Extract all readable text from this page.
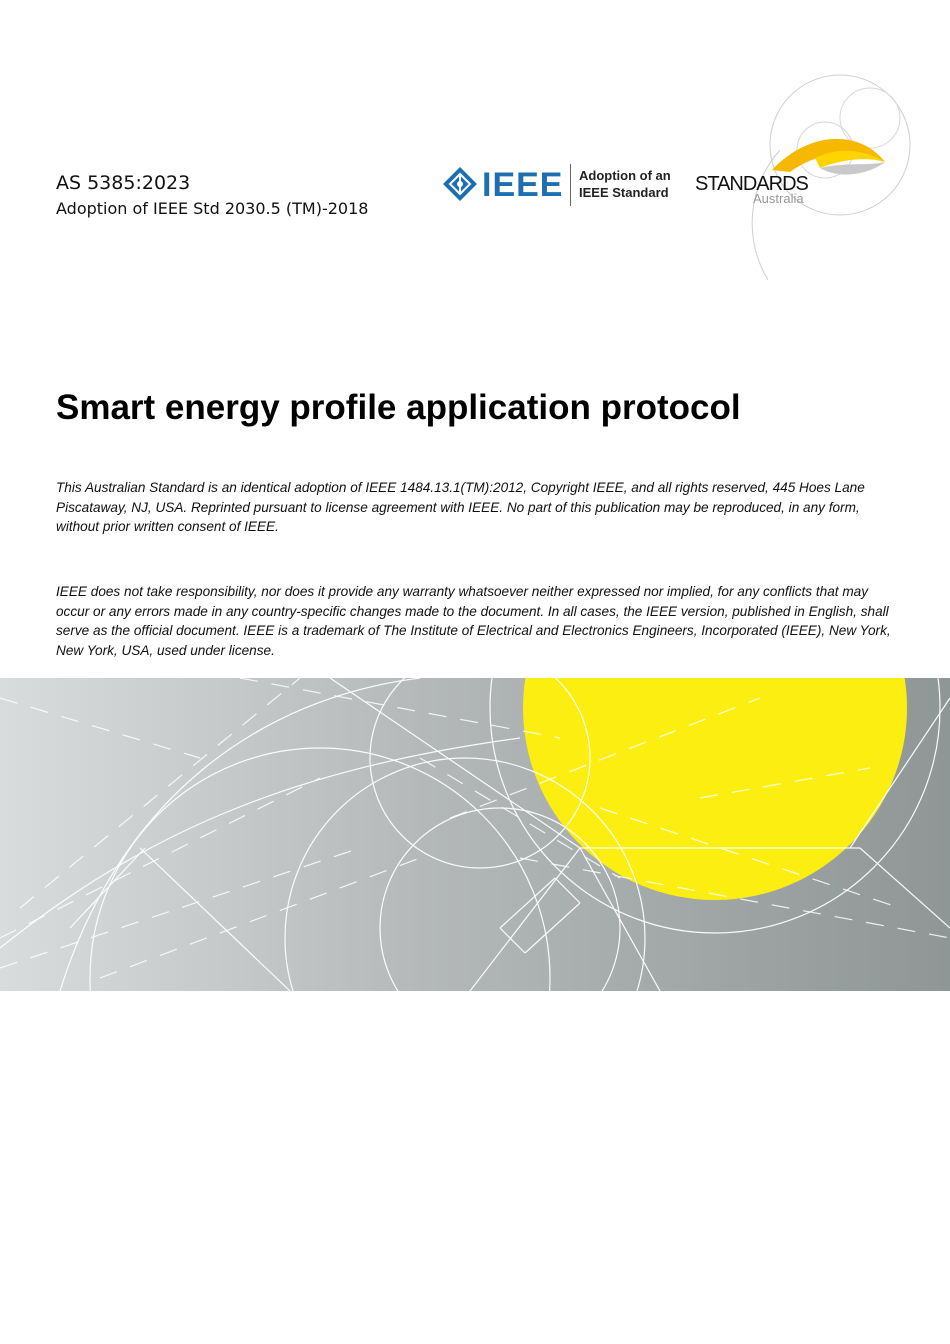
AS 5385:2023
Adoption of IEEE Std 2030.5 (TM)-2018
IEEE Adoption of an
IEEE Standard STANDARDS
Australia
Smart energy profile application protocol
This Australian Standard is an identical adoption of IEEE 1484.13.1(TM):2012, Copyright IEEE, and all rights reserved, 445 Hoes Lane Piscataway, NJ, USA. Reprinted pursuant to license agreement with IEEE. No part of this publication may be reproduced, in any form, without prior written consent of IEEE.
IEEE does not take responsibility, nor does it provide any warranty whatsoever neither expressed nor implied, for any conflicts that may occur or any errors made in any country-specific changes made to the document. In all cases, the IEEE version, published in English, shall serve as the official document. IEEE is a trademark of The Institute of Electrical and Electronics Engineers, Incorporated (IEEE), New York, New York, USA, used under license.
